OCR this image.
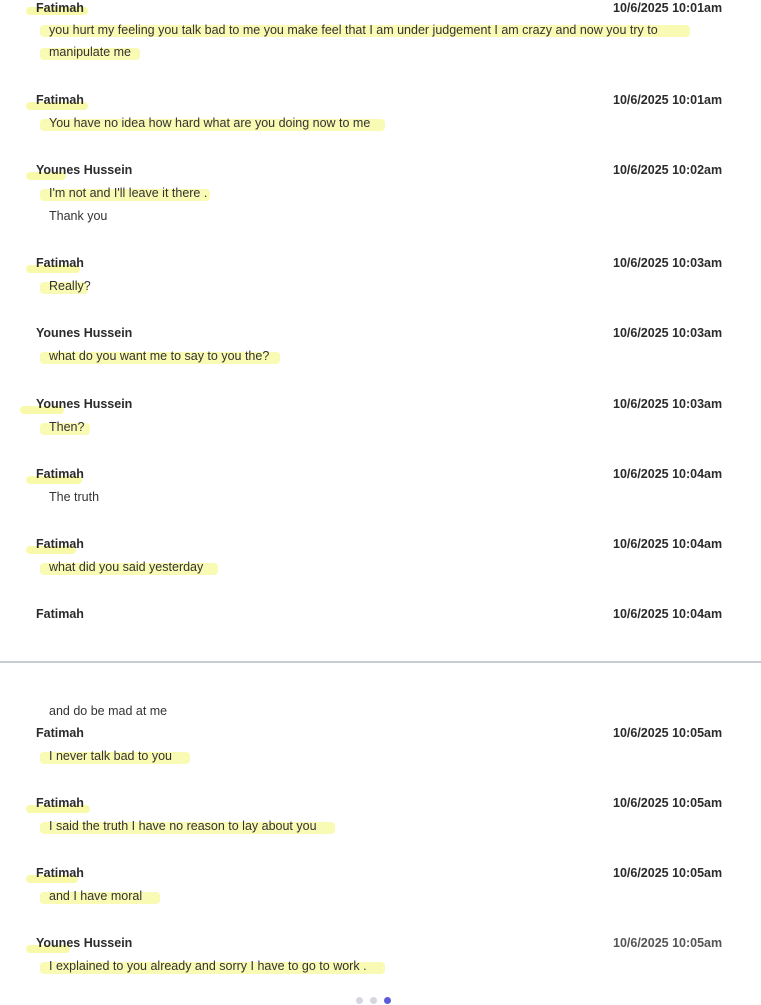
Fatimah	10/6/2025 10:01am
you hurt my feeling you talk bad to me you make feel that I am under judgement I am crazy and now you try to
manipulate me
Fatimah	10/6/2025 10:01am
You have no idea how hard what are you doing now to me
Younes Hussein	10/6/2025 10:02am
I'm not and I'll leave it there .
Thank you
Fatimah	10/6/2025 10:03am
Really?
Younes Hussein	10/6/2025 10:03am
what do you want me to say to you the?
Younes Hussein	10/6/2025 10:03am
Then?
Fatimah	10/6/2025 10:04am
The truth
Fatimah	10/6/2025 10:04am
what did you said yesterday
Fatimah	10/6/2025 10:04am
and do be mad at me
Fatimah	10/6/2025 10:05am
I never talk bad to you
Fatimah	10/6/2025 10:05am
I said the truth I have no reason to lay about you
Fatimah	10/6/2025 10:05am
and I have moral
Younes Hussein	10/6/2025 10:05am
I explained to you already and sorry I have to go to work .
